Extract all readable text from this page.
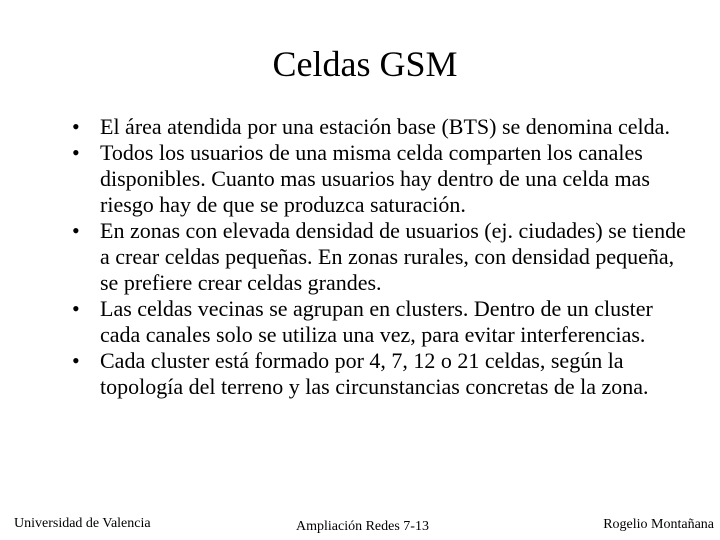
Celdas GSM
• El área atendida por una estación base (BTS) se denomina celda.
• Todos los usuarios de una misma celda comparten los canales disponibles. Cuanto mas usuarios hay dentro de una celda mas riesgo hay de que se produzca saturación.
• En zonas con elevada densidad de usuarios (ej. ciudades) se tiende a crear celdas pequeñas. En zonas rurales, con densidad pequeña, se prefiere crear celdas grandes.
• Las celdas vecinas se agrupan en clusters. Dentro de un cluster cada canales solo se utiliza una vez, para evitar interferencias.
• Cada cluster está formado por 4, 7, 12 o 21 celdas, según la topología del terreno y las circunstancias concretas de la zona.
Universidad de Valencia	Ampliación Redes 7-13	Rogelio Montañana
